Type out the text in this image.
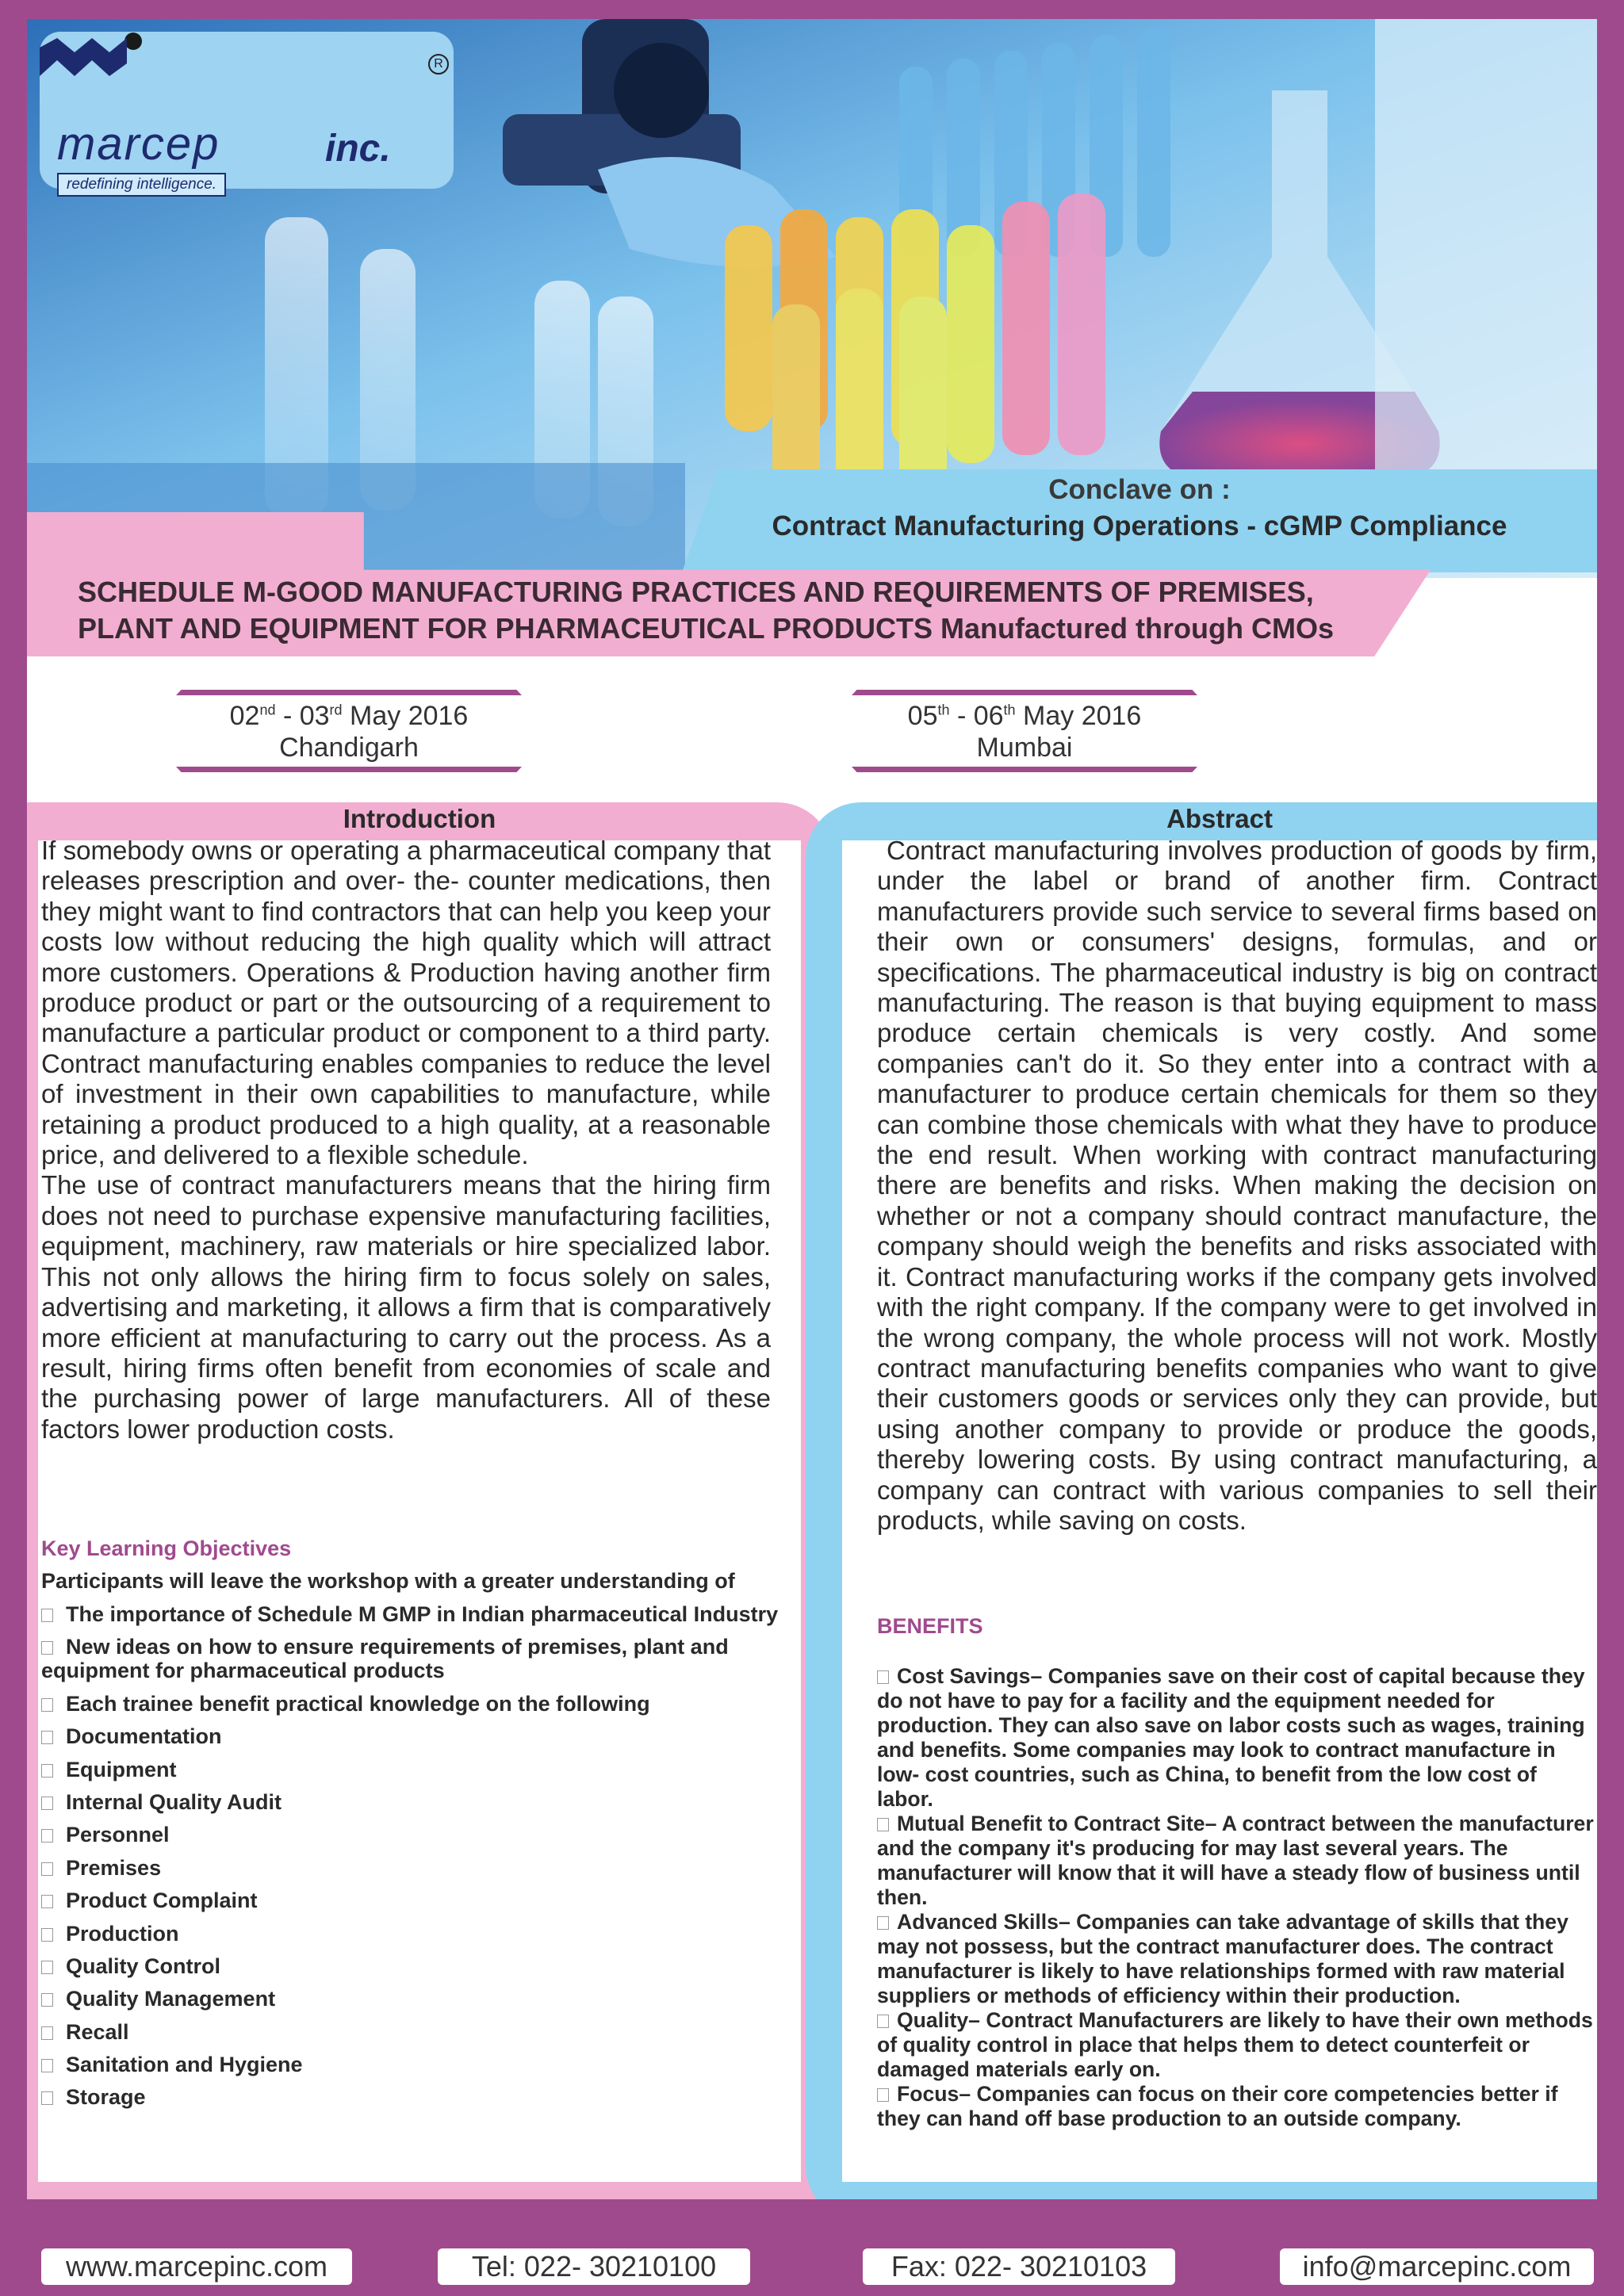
R
marcep	inc.
redefining intelligence.
Conclave on :
Contract Manufacturing Operations - cGMP Compliance
SCHEDULE M-GOOD MANUFACTURING PRACTICES AND REQUIREMENTS OF PREMISES,
PLANT AND EQUIPMENT FOR PHARMACEUTICAL PRODUCTS Manufactured through CMOs
02nd - 03rd May 2016
Chandigarh
05th - 06th May 2016
Mumbai
Introduction	Abstract
If somebody owns or operating a pharmaceutical company that releases prescription and over- the- counter medications, then they might want to find contractors that can help you keep your costs low without reducing the high quality which will attract more customers. Operations & Production having another firm produce product or part or the outsourcing of a requirement to manufacture a particular product or component to a third party. Contract manufacturing enables companies to reduce the level of investment in their own capabilities to manufacture, while retaining a product produced to a high quality, at a reasonable price, and delivered to a flexible schedule.
The use of contract manufacturers means that the hiring firm does not need to purchase expensive manufacturing facilities, equipment, machinery, raw materials or hire specialized labor. This not only allows the hiring firm to focus solely on sales, advertising and marketing, it allows a firm that is comparatively more efficient at manufacturing to carry out the process. As a result, hiring firms often benefit from economies of scale and the purchasing power of large manufacturers. All of these factors lower production costs.
Key Learning Objectives
Participants will leave the workshop with a greater understanding of
The importance of Schedule M GMP in Indian pharmaceutical Industry
New ideas on how to ensure requirements of premises, plant and equipment for pharmaceutical products
Each trainee benefit practical knowledge on the following
Documentation
Equipment
Internal Quality Audit
Personnel
Premises
Product Complaint
Production
Quality Control
Quality Management
Recall
Sanitation and Hygiene
Storage
Contract manufacturing involves production of goods by firm, under the label or brand of another firm. Contract manufacturers provide such service to several firms based on their own or consumers' designs, formulas, and or specifications. The pharmaceutical industry is big on contract manufacturing. The reason is that buying equipment to mass produce certain chemicals is very costly. And some companies can't do it. So they enter into a contract with a manufacturer to produce certain chemicals for them so they can combine those chemicals with what they have to produce the end result. When working with contract manufacturing there are benefits and risks. When making the decision on whether or not a company should contract manufacture, the company should weigh the benefits and risks associated with it. Contract manufacturing works if the company gets involved with the right company. If the company were to get involved in the wrong company, the whole process will not work. Mostly contract manufacturing benefits companies who want to give their customers goods or services only they can provide, but using another company to provide or produce the goods, thereby lowering costs. By using contract manufacturing, a company can contract with various companies to sell their products, while saving on costs.
BENEFITS

Cost Savings– Companies save on their cost of capital because they do not have to pay for a facility and the equipment needed for production. They can also save on labor costs such as wages, training and benefits. Some companies may look to contract manufacture in low- cost countries, such as China, to benefit from the low cost of labor.

Mutual Benefit to Contract Site– A contract between the manufacturer and the company it's producing for may last several years. The manufacturer will know that it will have a steady flow of business until then.

Advanced Skills– Companies can take advantage of skills that they may not possess, but the contract manufacturer does. The contract manufacturer is likely to have relationships formed with raw material suppliers or methods of efficiency within their production.

Quality– Contract Manufacturers are likely to have their own methods of quality control in place that helps them to detect counterfeit or damaged materials early on.

Focus– Companies can focus on their core competencies better if they can hand off base production to an outside company.

www.marcepinc.com	Tel: 022- 30210100	Fax: 022- 30210103	info@marcepinc.com
